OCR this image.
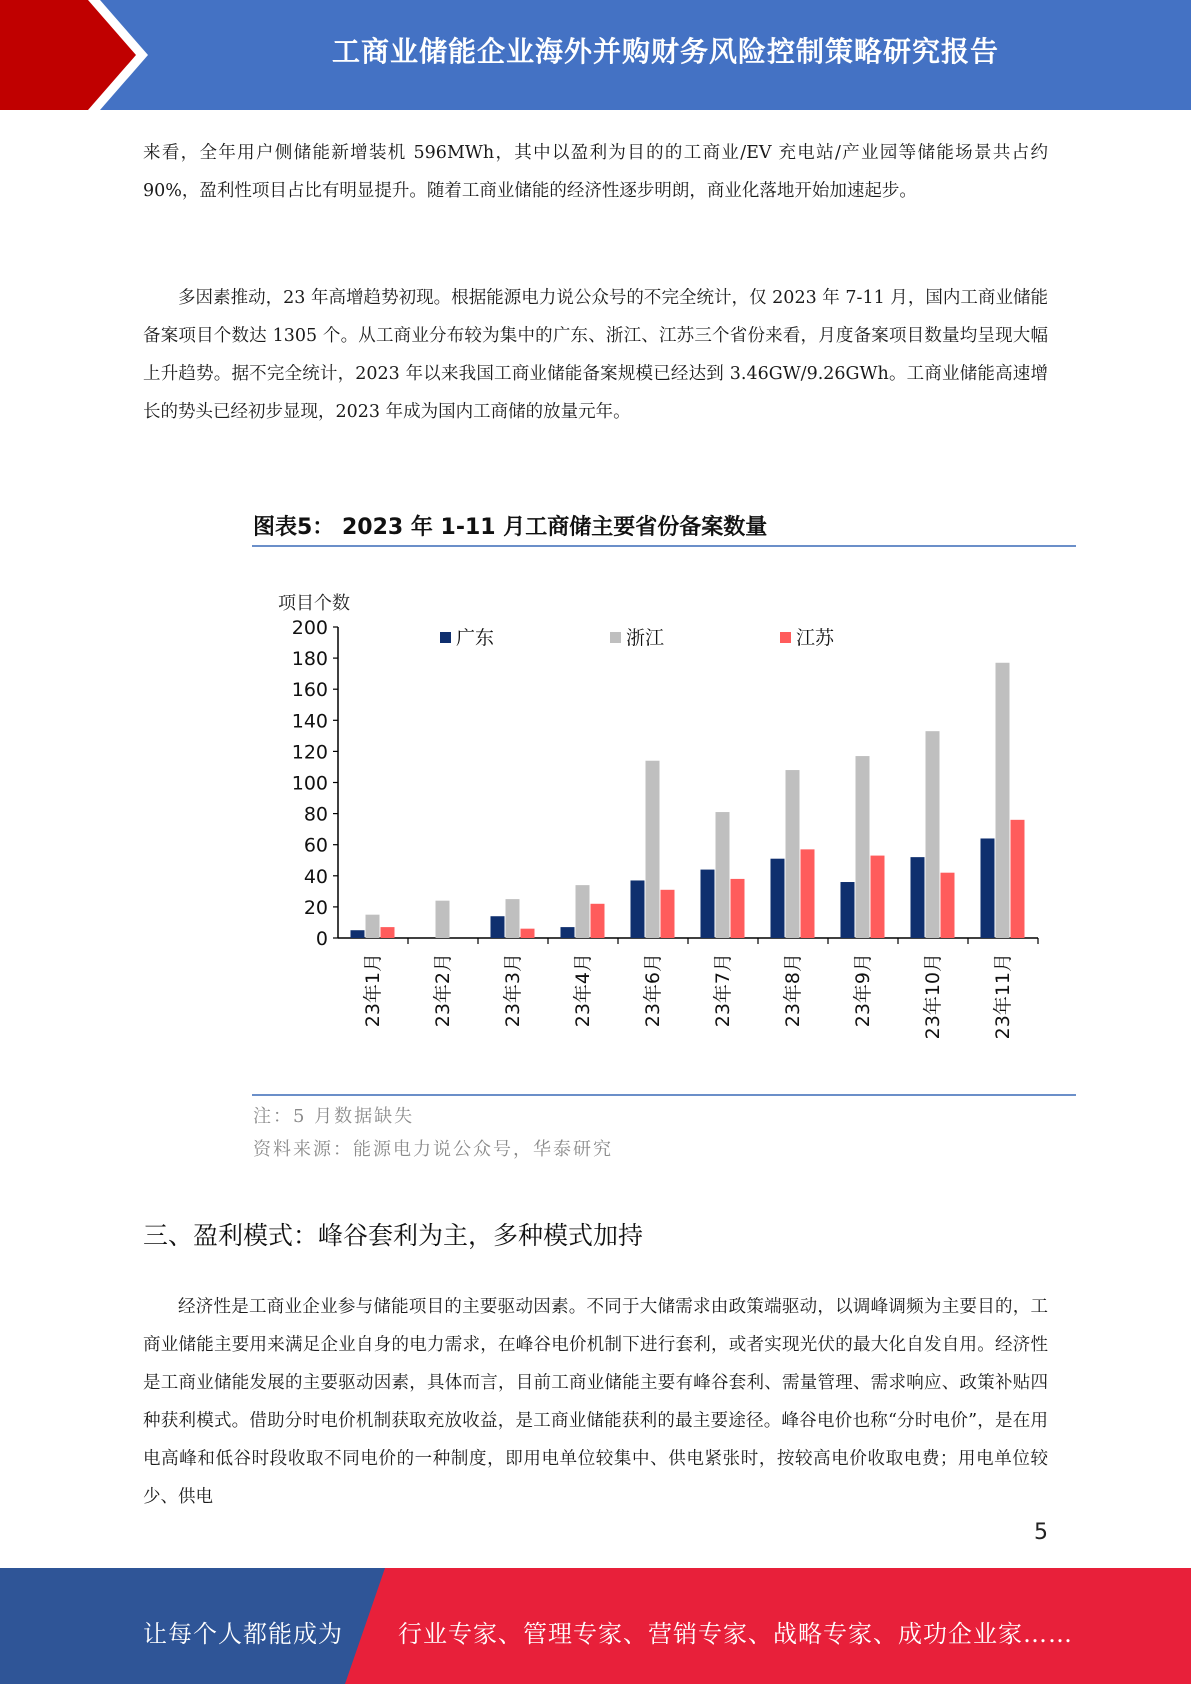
工商业储能企业海外并购财务风险控制策略研究报告

来看，全年用户侧储能新增装机 596MWh，其中以盈利为目的的工商业/EV 充电站/产业园等储能场景共占约 90%，盈利性项目占比有明显提升。随着工商业储能的经济性逐步明朗，商业化落地开始加速起步。

多因素推动，23 年高增趋势初现。根据能源电力说公众号的不完全统计，仅 2023 年 7-11 月，国内工商业储能备案项目个数达 1305 个。从工商业分布较为集中的广东、浙江、江苏三个省份来看，月度备案项目数量均呈现大幅上升趋势。据不完全统计，2023 年以来我国工商业储能备案规模已经达到 3.46GW/9.26GWh。工商业储能高速增长的势头已经初步显现，2023 年成为国内工商储的放量元年。

图表5： 2023 年 1-11 月工商储主要省份备案数量
项目个数
0
20
40
60
80
100
120
140
160
180
200
23年1月	23年2月	23年3月	23年4月	23年6月	23年7月	23年8月	23年9月	23年10月	23年11月
广东	浙江	江苏
注：5 月数据缺失
资料来源：能源电力说公众号，华泰研究
三、盈利模式：峰谷套利为主，多种模式加持

经济性是工商业企业参与储能项目的主要驱动因素。不同于大储需求由政策端驱动，以调峰调频为主要目的，工商业储能主要用来满足企业自身的电力需求，在峰谷电价机制下进行套利，或者实现光伏的最大化自发自用。经济性是工商业储能发展的主要驱动因素，具体而言，目前工商业储能主要有峰谷套利、需量管理、需求响应、政策补贴四种获利模式。借助分时电价机制获取充放收益，是工商业储能获利的最主要途径。峰谷电价也称“分时电价”，是在用电高峰和低谷时段收取不同电价的一种制度，即用电单位较集中、供电紧张时，按较高电价收取电费；用电单位较少、供电

5
让每个人都能成为 行业专家、管理专家、营销专家、战略专家、成功企业家……
